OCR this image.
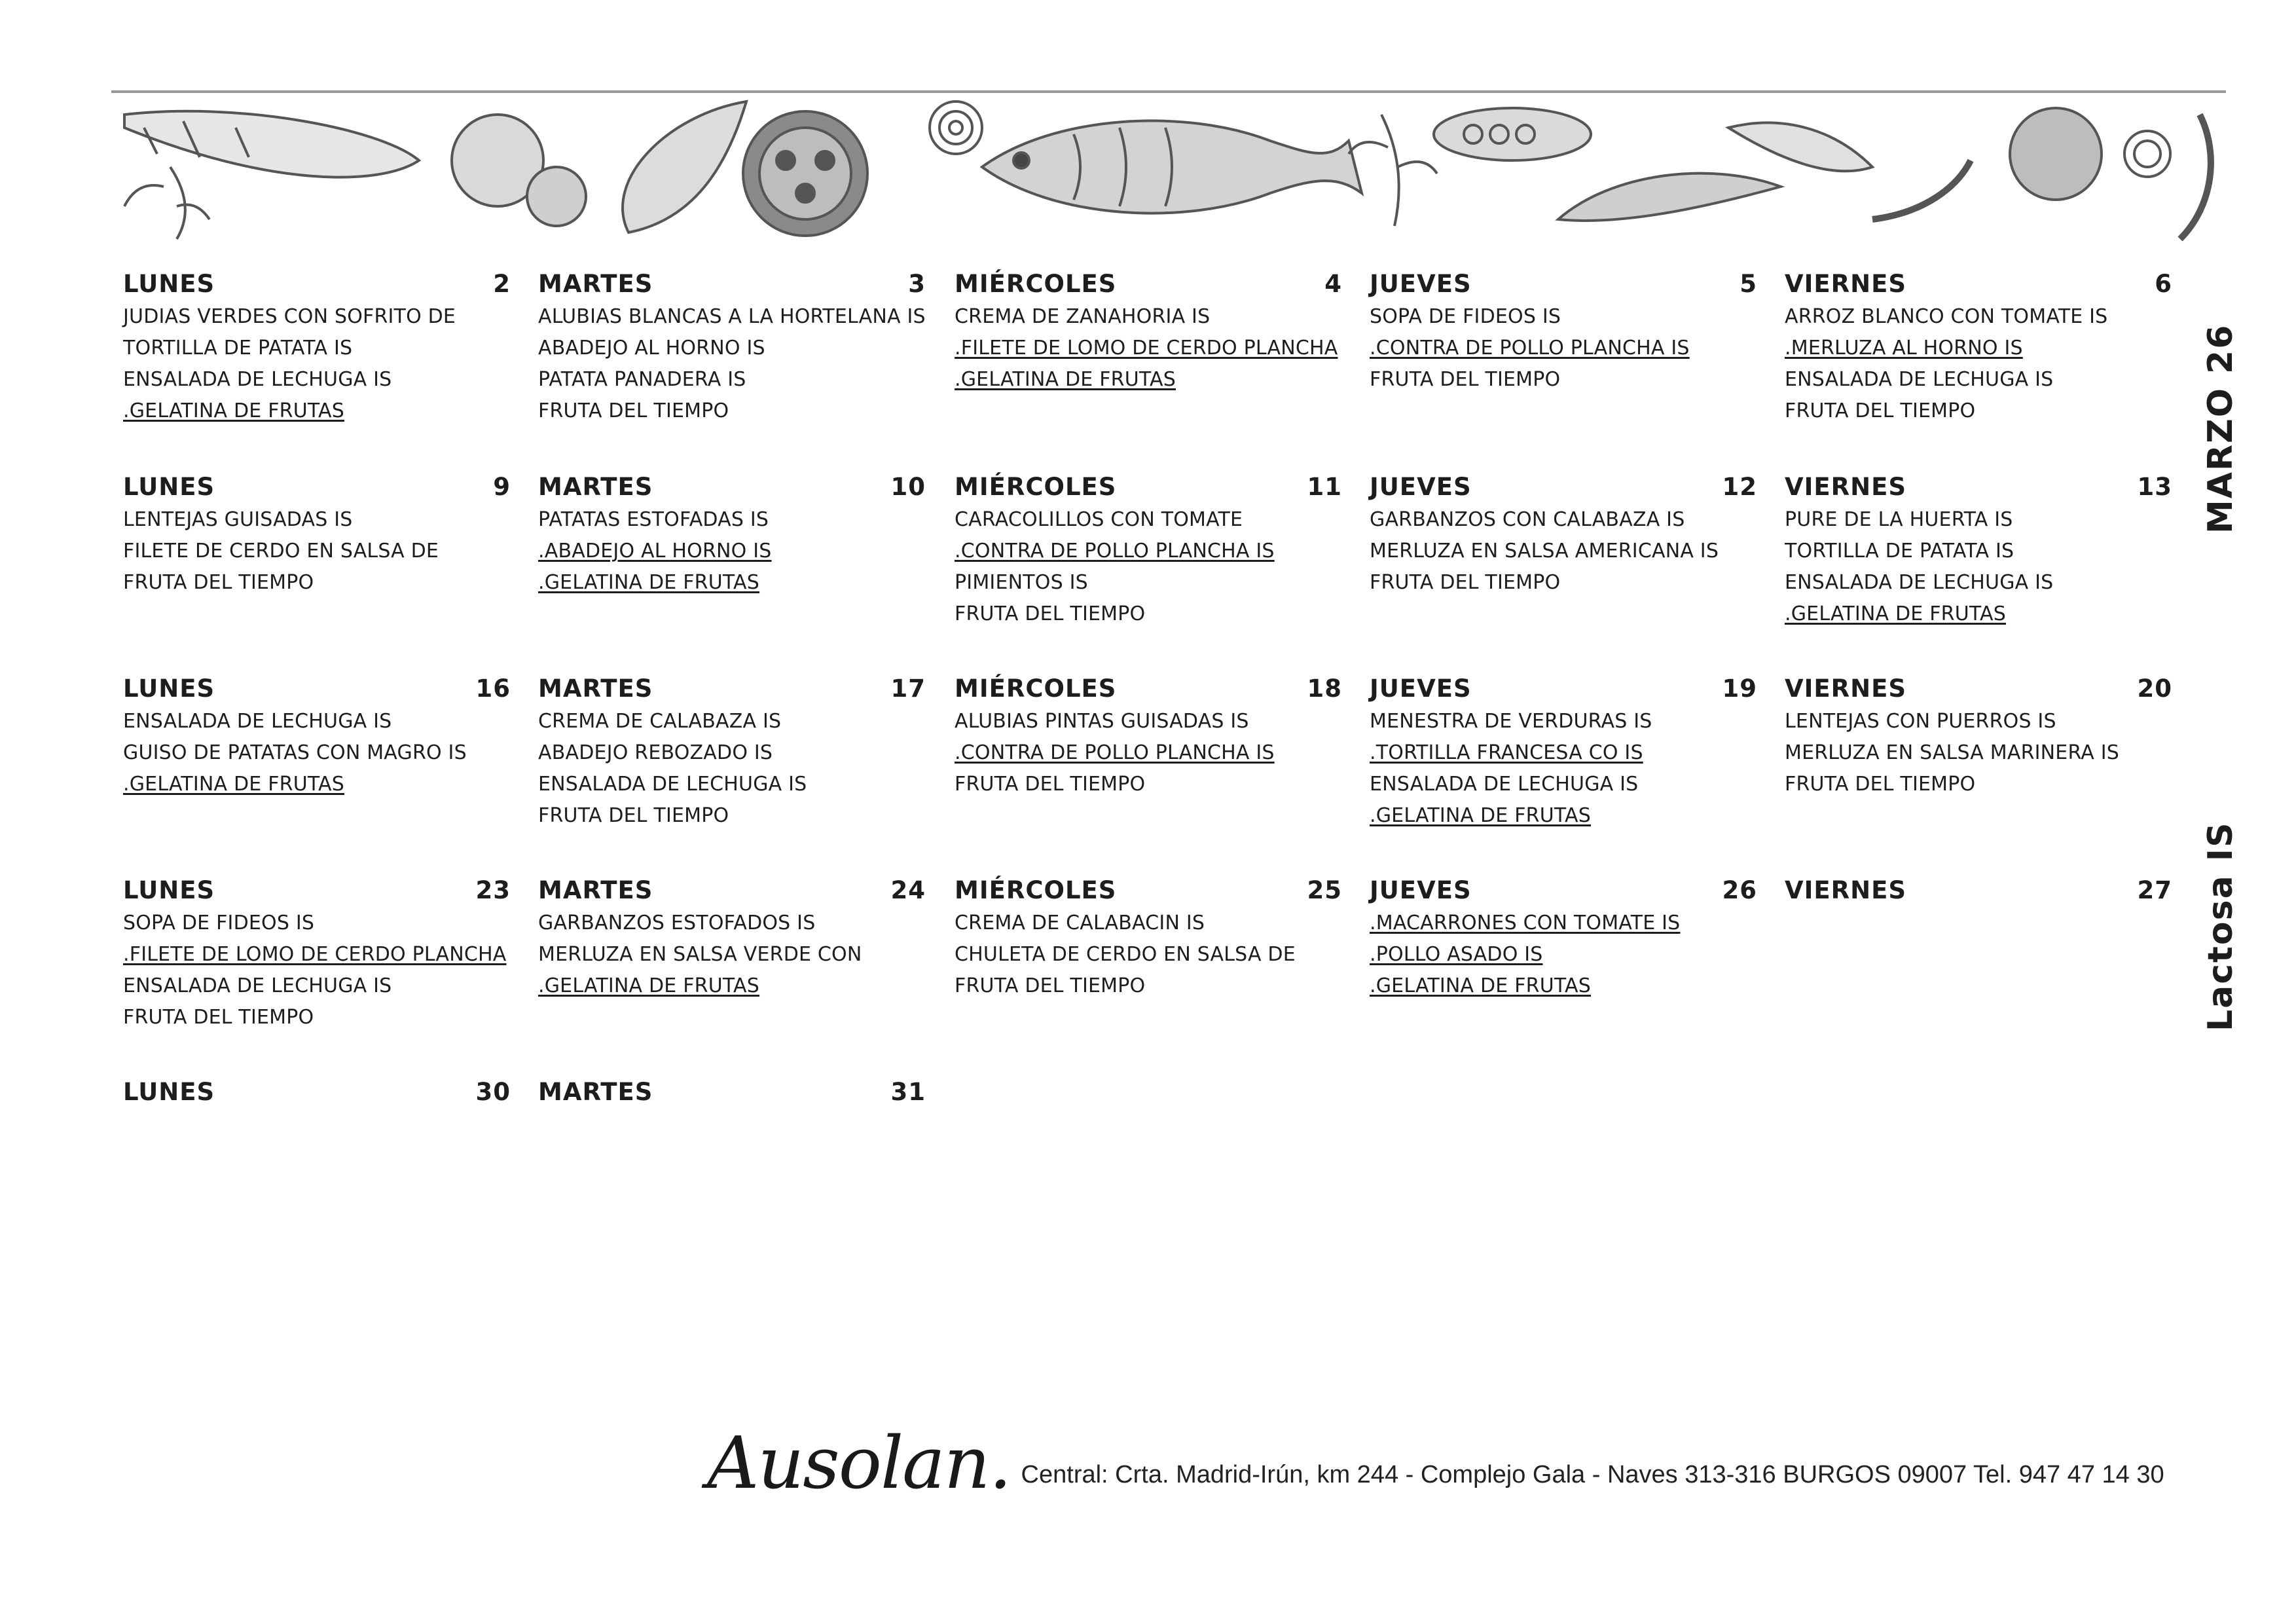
LUNES	2
JUDIAS VERDES CON SOFRITO DE
TORTILLA DE PATATA IS
ENSALADA DE LECHUGA IS
.GELATINA DE FRUTAS
MARTES	3
ALUBIAS BLANCAS A LA HORTELANA IS
ABADEJO AL HORNO IS
PATATA PANADERA IS
FRUTA DEL TIEMPO
MIÉRCOLES	4
CREMA DE ZANAHORIA IS
.FILETE DE LOMO DE CERDO PLANCHA
.GELATINA DE FRUTAS
JUEVES	5
SOPA DE FIDEOS IS
.CONTRA DE POLLO PLANCHA IS
FRUTA DEL TIEMPO
VIERNES	6
ARROZ BLANCO CON TOMATE IS
.MERLUZA AL HORNO IS
ENSALADA DE LECHUGA IS
FRUTA DEL TIEMPO
LUNES	9
LENTEJAS GUISADAS IS
FILETE DE CERDO EN SALSA DE
FRUTA DEL TIEMPO
MARTES	10
PATATAS ESTOFADAS IS
.ABADEJO AL HORNO IS
.GELATINA DE FRUTAS
MIÉRCOLES	11
CARACOLILLOS CON TOMATE
.CONTRA DE POLLO PLANCHA IS
PIMIENTOS IS
FRUTA DEL TIEMPO
JUEVES	12
GARBANZOS CON CALABAZA IS
MERLUZA EN SALSA AMERICANA IS
FRUTA DEL TIEMPO
VIERNES	13
PURE DE LA HUERTA IS
TORTILLA DE PATATA IS
ENSALADA DE LECHUGA IS
.GELATINA DE FRUTAS
LUNES	16
ENSALADA DE LECHUGA IS
GUISO DE PATATAS CON MAGRO IS
.GELATINA DE FRUTAS
MARTES	17
CREMA DE CALABAZA IS
ABADEJO REBOZADO IS
ENSALADA DE LECHUGA IS
FRUTA DEL TIEMPO
MIÉRCOLES	18
ALUBIAS PINTAS GUISADAS IS
.CONTRA DE POLLO PLANCHA IS
FRUTA DEL TIEMPO
JUEVES	19
MENESTRA DE VERDURAS IS
.TORTILLA FRANCESA CO IS
ENSALADA DE LECHUGA IS
.GELATINA DE FRUTAS
VIERNES	20
LENTEJAS CON PUERROS IS
MERLUZA EN SALSA MARINERA IS
FRUTA DEL TIEMPO
LUNES	23
SOPA DE FIDEOS IS
.FILETE DE LOMO DE CERDO PLANCHA
ENSALADA DE LECHUGA IS
FRUTA DEL TIEMPO
MARTES	24
GARBANZOS ESTOFADOS IS
MERLUZA EN SALSA VERDE CON
.GELATINA DE FRUTAS
MIÉRCOLES	25
CREMA DE CALABACIN IS
CHULETA DE CERDO EN SALSA DE
FRUTA DEL TIEMPO
JUEVES	26
.MACARRONES CON TOMATE IS
.POLLO ASADO IS
.GELATINA DE FRUTAS
VIERNES	27
LUNES	30 MARTES	31
MARZO 26
Lactosa IS
Ausolan . Central: Crta. Madrid-Irún, km 244 - Complejo Gala - Naves 313-316 BURGOS 09007 Tel. 947 47 14 30
